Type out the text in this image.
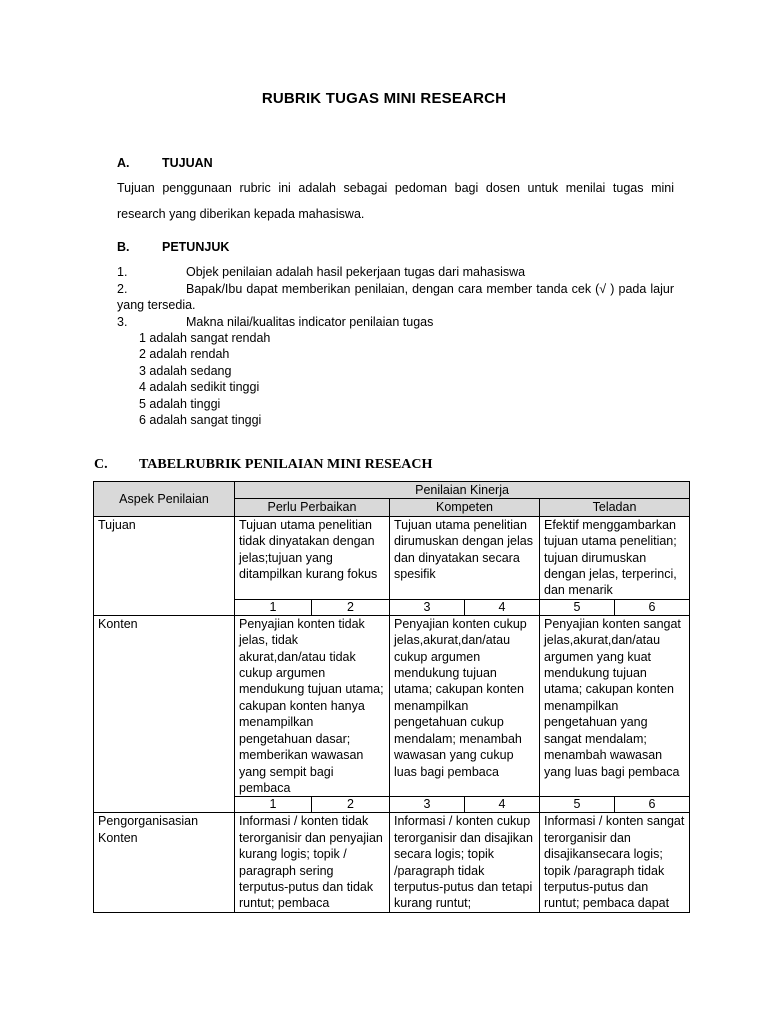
RUBRIK TUGAS MINI RESEARCH
A.	TUJUAN
Tujuan penggunaan rubric ini adalah sebagai pedoman bagi dosen untuk menilai tugas mini research yang diberikan kepada mahasiswa.
B.	PETUNJUK
1.	Objek penilaian adalah hasil pekerjaan tugas dari mahasiswa
2.	Bapak/Ibu dapat memberikan penilaian, dengan cara member tanda cek (√ ) pada lajur yang tersedia.
3.	Makna nilai/kualitas indicator penilaian tugas
1 adalah sangat rendah
2 adalah rendah
3 adalah sedang
4 adalah sedikit tinggi
5 adalah tinggi
6 adalah sangat tinggi
C. TABELRUBRIK PENILAIAN MINI RESEACH
Aspek Penilaian	Penilaian Kinerja					
	Perlu Perbaikan		Kompeten		Teladan	
Tujuan	Tujuan utama penelitian tidak dinyatakan dengan jelas;tujuan yang ditampilkan kurang fokus		Tujuan utama penelitian dirumuskan dengan jelas dan dinyatakan secara spesifik		Efektif menggambarkan tujuan utama penelitian; tujuan dirumuskan dengan jelas, terperinci, dan menarik	
	1	2	3	4	5	6
Konten	Penyajian konten tidak jelas, tidak akurat,dan/atau tidak cukup argumen mendukung tujuan utama; cakupan konten hanya menampilkan pengetahuan dasar; memberikan wawasan yang sempit bagi pembaca		Penyajian konten cukup jelas,akurat,dan/atau cukup argumen mendukung tujuan utama; cakupan konten menampilkan pengetahuan cukup mendalam; menambah wawasan yang cukup luas bagi pembaca		Penyajian konten sangat jelas,akurat,dan/atau argumen yang kuat mendukung tujuan utama; cakupan konten menampilkan pengetahuan yang sangat mendalam; menambah wawasan yang luas bagi pembaca	
	1	2	3	4	5	6
Pengorganisasian Konten	Informasi / konten tidak terorganisir dan penyajian kurang logis; topik / paragraph sering terputus-putus dan tidak runtut; pembaca		Informasi / konten cukup terorganisir dan disajikan secara logis; topik /paragraph tidak terputus-putus dan tetapi kurang runtut;		Informasi / konten sangat terorganisir dan disajikansecara logis; topik /paragraph tidak terputus-putus dan runtut; pembaca dapat	
